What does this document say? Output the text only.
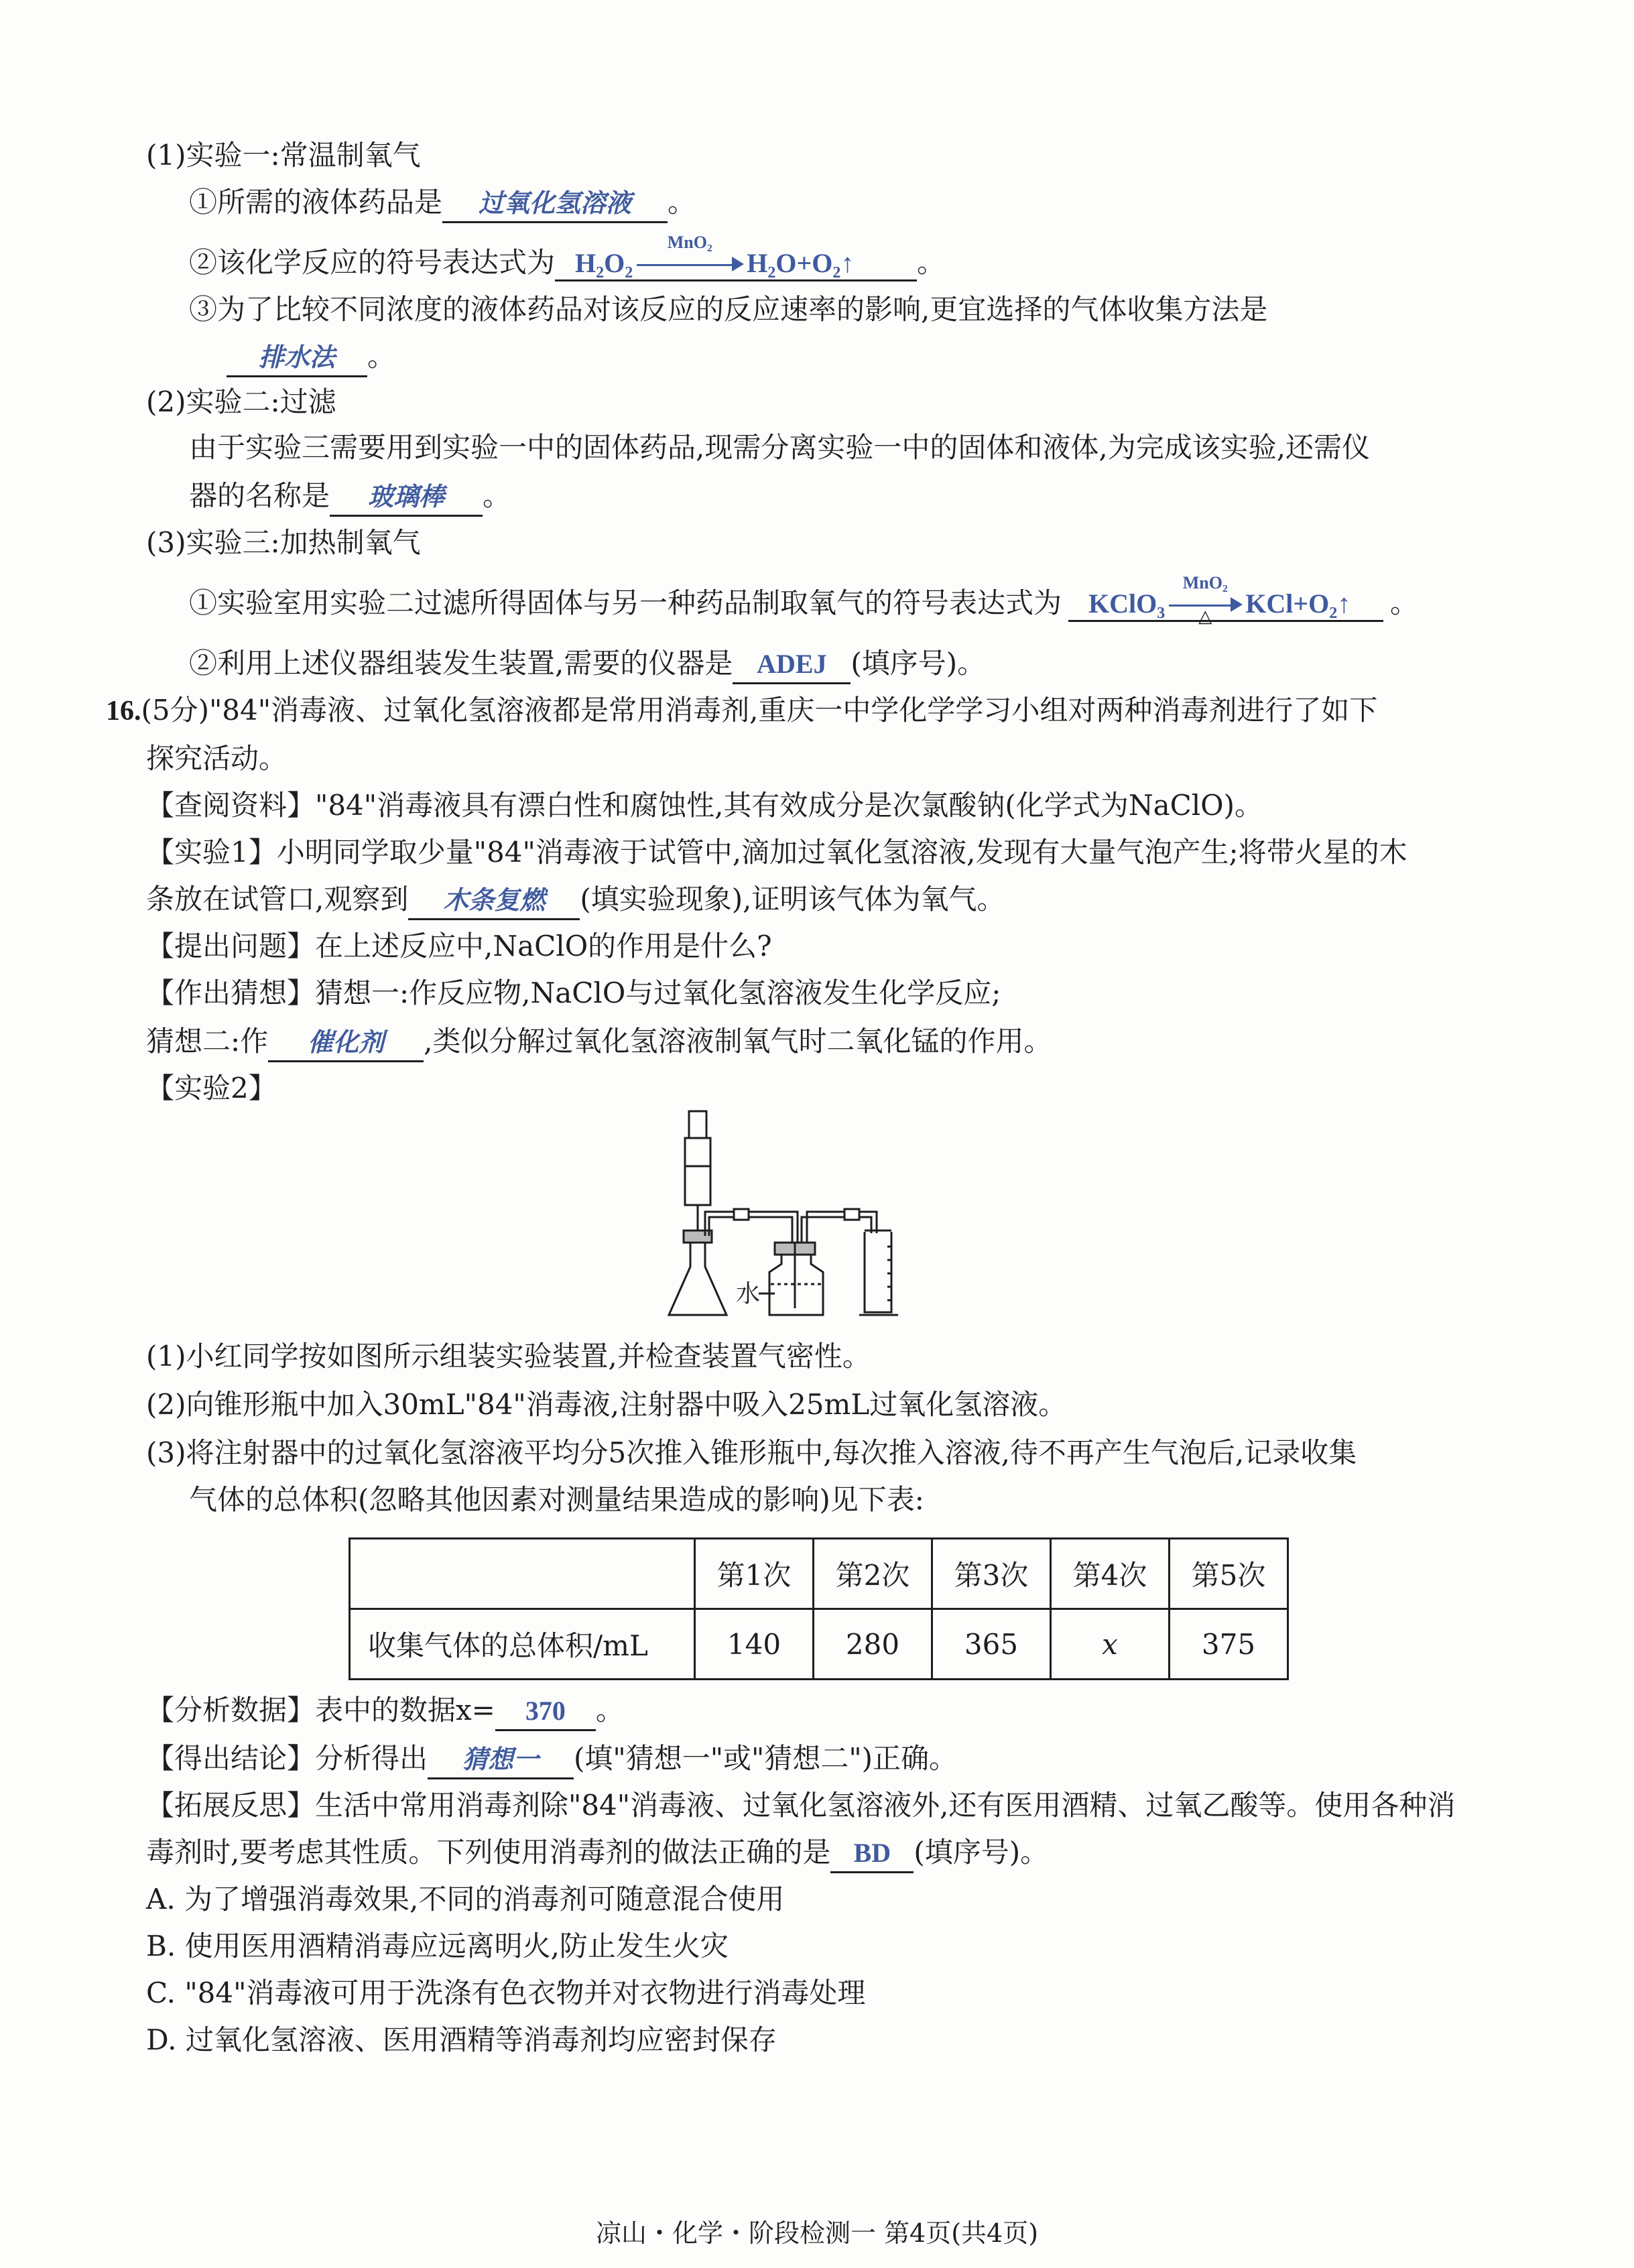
(1)实验一:常温制氧气
①所需的液体药品是 过氧化氢溶液 。
②该化学反应的符号表达式为 H₂O₂
MnO₂
H₂O+O₂↑ 。
③为了比较不同浓度的液体药品对该反应的反应速率的影响,更宜选择的气体收集方法是
排水法 。
(2)实验二:过滤
由于实验三需要用到实验一中的固体药品,现需分离实验一中的固体和液体,为完成该实验,还需仪
器的名称是 玻璃棒 。
(3)实验三:加热制氧气
①实验室用实验二过滤所得固体与另一种药品制取氧气的符号表达式为 KClO₃
MnO₂
△	KCl+O₂↑ 。
②利用上述仪器组装发生装置,需要的仪器是 ADEJ (填序号)。
16.(5分)"84"消毒液、过氧化氢溶液都是常用消毒剂,重庆一中学化学学习小组对两种消毒剂进行了如下
探究活动。
【查阅资料】"84"消毒液具有漂白性和腐蚀性,其有效成分是次氯酸钠(化学式为NaClO)。
【实验1】小明同学取少量"84"消毒液于试管中,滴加过氧化氢溶液,发现有大量气泡产生;将带火星的木
条放在试管口,观察到 木条复燃 (填实验现象),证明该气体为氧气。
【提出问题】在上述反应中,NaClO的作用是什么?
【作出猜想】猜想一:作反应物,NaClO与过氧化氢溶液发生化学反应;
猜想二:作 催化剂 ,类似分解过氧化氢溶液制氧气时二氧化锰的作用。
【实验2】
水
(1)小红同学按如图所示组装实验装置,并检查装置气密性。
(2)向锥形瓶中加入30mL"84"消毒液,注射器中吸入25mL过氧化氢溶液。
(3)将注射器中的过氧化氢溶液平均分5次推入锥形瓶中,每次推入溶液,待不再产生气泡后,记录收集
气体的总体积(忽略其他因素对测量结果造成的影响)见下表:
	第1次	第2次	第3次	第4次	第5次
收集气体的总体积/mL	140	280	365	x	375
【分析数据】表中的数据x= 370 。
【得出结论】分析得出 猜想一 (填"猜想一"或"猜想二")正确。
【拓展反思】生活中常用消毒剂除"84"消毒液、过氧化氢溶液外,还有医用酒精、过氧乙酸等。使用各种消
毒剂时,要考虑其性质。下列使用消毒剂的做法正确的是 BD (填序号)。
A. 为了增强消毒效果,不同的消毒剂可随意混合使用
B. 使用医用酒精消毒应远离明火,防止发生火灾
C. "84"消毒液可用于洗涤有色衣物并对衣物进行消毒处理
D. 过氧化氢溶液、医用酒精等消毒剂均应密封保存
凉山・化学・阶段检测一 第4页(共4页)
